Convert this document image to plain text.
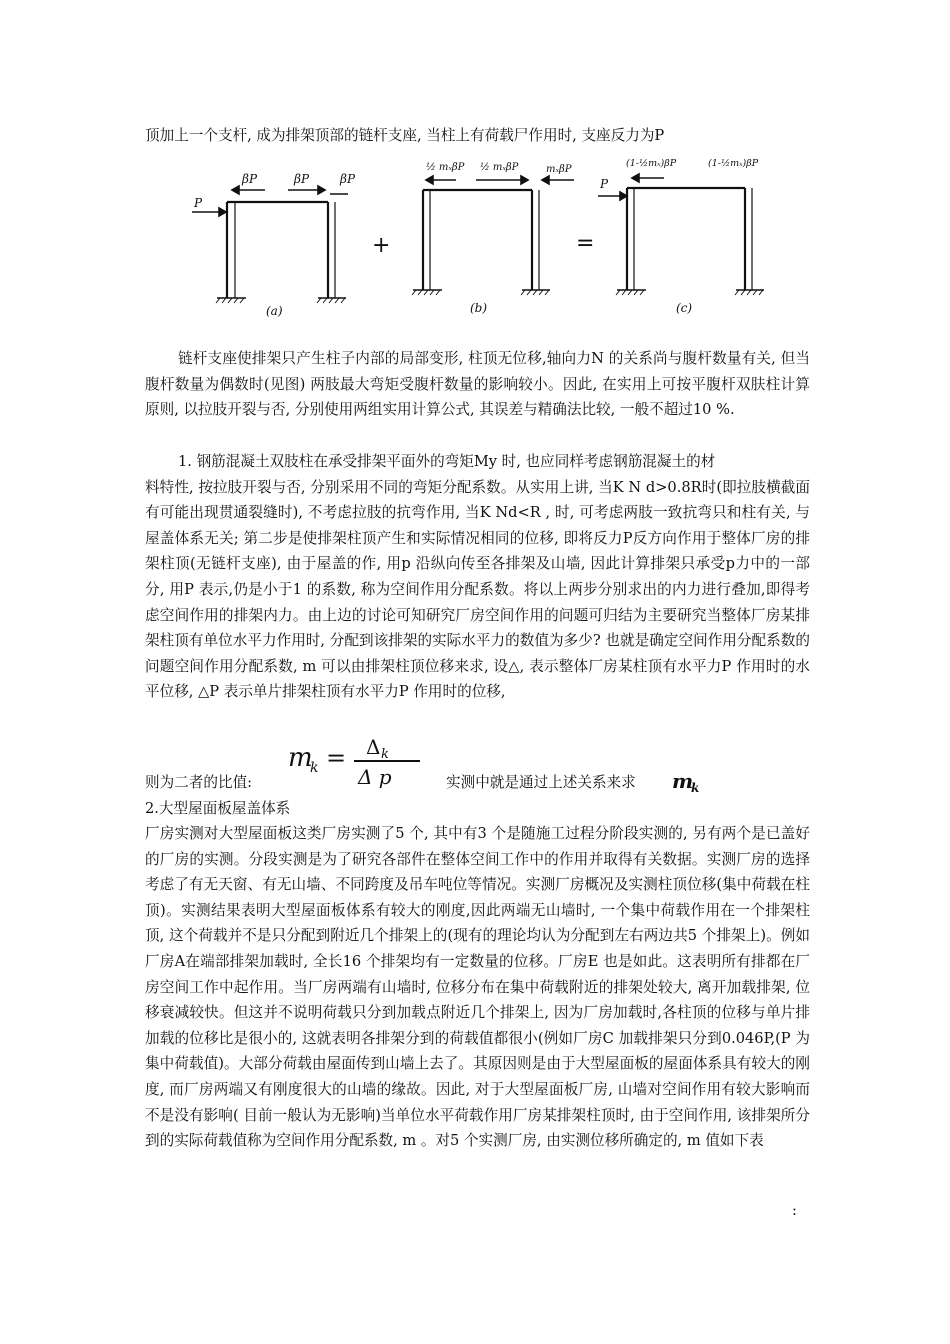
顶加上一个支杆, 成为排架顶部的链杆支座, 当柱上有荷载尸作用时, 支座反力为P
P
βP	βP	βP
½ mₓβP ½ mₓβP	mₓβP
P
(1-½mₓ)βP	(1-½mₓ)βP
(a)	(b)	(c)
+	=

链杆支座使排架只产生柱子内部的局部变形, 柱顶无位移,轴向力N 的关系尚与腹杆数量有关, 但当腹杆数量为偶数时(见图) 两肢最大弯矩受腹杆数量的影响较小。因此, 在实用上可按平腹杆双肤柱计算原则, 以拉肢开裂与否, 分别使用两组实用计算公式, 其误差与精确法比较, 一般不超过10 %.

1. 钢筋混凝土双肢柱在承受排架平面外的弯矩My 时, 也应同样考虑钢筋混凝土的材

料特性, 按拉肢开裂与否, 分别采用不同的弯矩分配系数。从实用上讲, 当K N d>0.8R时(即拉肢横截面有可能出现贯通裂缝时), 不考虑拉肢的抗弯作用, 当K Nd<R , 时, 可考虑两肢一致抗弯只和柱有关, 与屋盖体系无关; 第二步是使排架柱顶产生和实际情况相同的位移, 即将反力P反方向作用于整体厂房的排架柱顶(无链杆支座), 由于屋盖的作, 用p 沿纵向传至各排架及山墙, 因此计算排架只承受p力中的一部分, 用P 表示,仍是小于1 的系数, 称为空间作用分配系数。将以上两步分别求出的内力进行叠加,即得考虑空间作用的排架内力。由上边的讨论可知研究厂房空间作用的问题可归结为主要研究当整体厂房某排架柱顶有单位水平力作用时, 分配到该排架的实际水平力的数值为多少? 也就是确定空间作用分配系数的问题空间作用分配系数, m 可以由排架柱顶位移来求, 设△, 表示整体厂房某柱顶有水平力P 作用时的水平位移, △P 表示单片排架柱顶有水平力P 作用时的位移,

m
k = Δ k
Δ p
则为二者的比值:	实测中就是通过上述关系来求	m
k
2.大型屋面板屋盖体系

厂房实测对大型屋面板这类厂房实测了5 个, 其中有3 个是随施工过程分阶段实测的, 另有两个是已盖好的厂房的实测。分段实测是为了研究各部件在整体空间工作中的作用并取得有关数据。实测厂房的选择考虑了有无天窗、有无山墙、不同跨度及吊车吨位等情况。实测厂房概况及实测柱顶位移(集中荷载在柱顶)。实测结果表明大型屋面板体系有较大的刚度,因此两端无山墙时, 一个集中荷载作用在一个排架柱顶, 这个荷载并不是只分配到附近几个排架上的(现有的理论均认为分配到左右两边共5 个排架上)。例如厂房A在端部排架加载时, 全长16 个排架均有一定数量的位移。厂房E 也是如此。这表明所有排都在厂房空间工作中起作用。当厂房两端有山墙时, 位移分布在集中荷载附近的排架处较大, 离开加载排架, 位移衰减较快。但这并不说明荷载只分到加载点附近几个排架上, 因为厂房加载时,各柱顶的位移与单片排加载的位移比是很小的, 这就表明各排架分到的荷载值都很小(例如厂房C 加载排架只分到0.046P,(P 为集中荷载值)。大部分荷载由屋面传到山墙上去了。其原因则是由于大型屋面板的屋面体系具有较大的刚度, 而厂房两端又有刚度很大的山墙的缘故。因此, 对于大型屋面板厂房, 山墙对空间作用有较大影响而不是没有影响( 目前一般认为无影响)当单位水平荷载作用厂房某排架柱顶时, 由于空间作用, 该排架所分到的实际荷载值称为空间作用分配系数, m 。对5 个实测厂房, 由实测位移所确定的, m 值如下表

:
